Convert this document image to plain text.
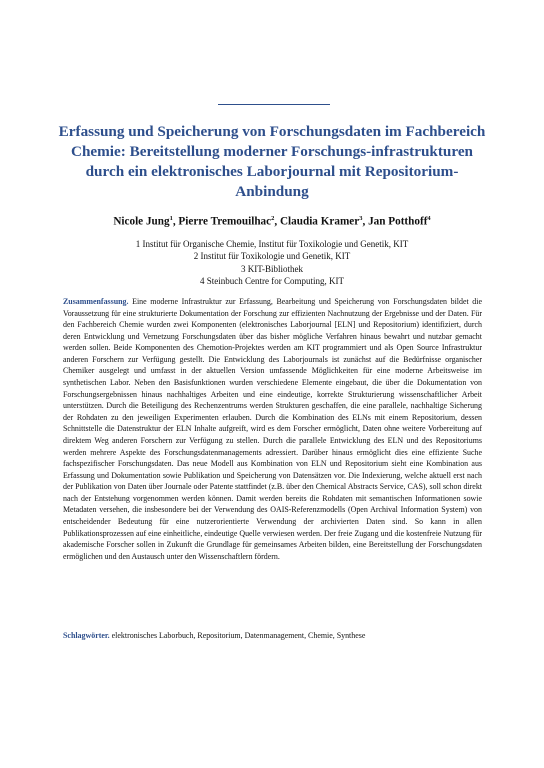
Erfassung und Speicherung von Forschungsdaten im Fachbereich
Chemie: Bereitstellung moderner Forschungs-infrastrukturen
durch ein elektronisches Laborjournal mit Repositorium-
Anbindung
Nicole Jung$^1$, Pierre Tremouilhac$^2$, Claudia Kramer$^3$, Jan Potthoff$^4$
1 Institut für Organische Chemie, Institut für Toxikologie und Genetik, KIT
2 Institut für Toxikologie und Genetik, KIT
3 KIT-Bibliothek
4 Steinbuch Centre for Computing, KIT
Zusammenfassung. Eine moderne Infrastruktur zur Erfassung, Bearbeitung und Speicherung von Forschungsdaten bildet die Voraussetzung für eine strukturierte Dokumentation der Forschung zur effizienten Nachnutzung der Ergebnisse und der Daten. Für den Fachbereich Chemie wurden zwei Komponenten (elektronisches Laborjournal [ELN] und Repositorium) identifiziert, durch deren Entwicklung und Vernetzung Forschungsdaten über das bisher mögliche Verfahren hinaus bewahrt und nutzbar gemacht werden sollen. Beide Komponenten des Chemotion-Projektes werden am KIT programmiert und als Open Source Infrastruktur anderen Forschern zur Verfügung gestellt. Die Entwicklung des Laborjournals ist zunächst auf die Bedürfnisse organischer Chemiker ausgelegt und umfasst in der aktuellen Version umfassende Möglichkeiten für eine moderne Arbeitsweise im synthetischen Labor. Neben den Basisfunktionen wurden verschiedene Elemente eingebaut, die über die Dokumentation von Forschungsergebnissen hinaus nachhaltiges Arbeiten und eine eindeutige, korrekte Strukturierung wissenschaftlicher Arbeit unterstützen. Durch die Beteiligung des Rechenzentrums werden Strukturen geschaffen, die eine parallele, nachhaltige Sicherung der Rohdaten zu den jeweiligen Experimenten erlauben. Durch die Kombination des ELNs mit einem Repositorium, dessen Schnittstelle die Datenstruktur der ELN Inhalte aufgreift, wird es dem Forscher ermöglicht, Daten ohne weitere Vorbereitung auf direktem Weg anderen Forschern zur Verfügung zu stellen. Durch die parallele Entwicklung des ELN und des Repositoriums werden mehrere Aspekte des Forschungsdatenmanagements adressiert. Darüber hinaus ermöglicht dies eine effiziente Suche fachspezifischer Forschungsdaten. Das neue Modell aus Kombination von ELN und Repositorium sieht eine Kombination aus Erfassung und Dokumentation sowie Publikation und Speicherung von Datensätzen vor. Die Indexierung, welche aktuell erst nach der Publikation von Daten über Journale oder Patente stattfindet (z.B. über den Chemical Abstracts Service, CAS), soll schon direkt nach der Entstehung vorgenommen werden können. Damit werden bereits die Rohdaten mit semantischen Informationen sowie Metadaten versehen, die insbesondere bei der Verwendung des OAIS-Referenzmodells (Open Archival Information System) von entscheidender Bedeutung für eine nutzerorientierte Verwendung der archivierten Daten sind. So kann in allen Publikationsprozessen auf eine einheitliche, eindeutige Quelle verwiesen werden. Der freie Zugang und die kostenfreie Nutzung für akademische Forscher sollen in Zukunft die Grundlage für gemeinsames Arbeiten bilden, eine Bereitstellung der Forschungsdaten ermöglichen und den Austausch unter den Wissenschaftlern fördern.
Schlagwörter. elektronisches Laborbuch, Repositorium, Datenmanagement, Chemie, Synthese
